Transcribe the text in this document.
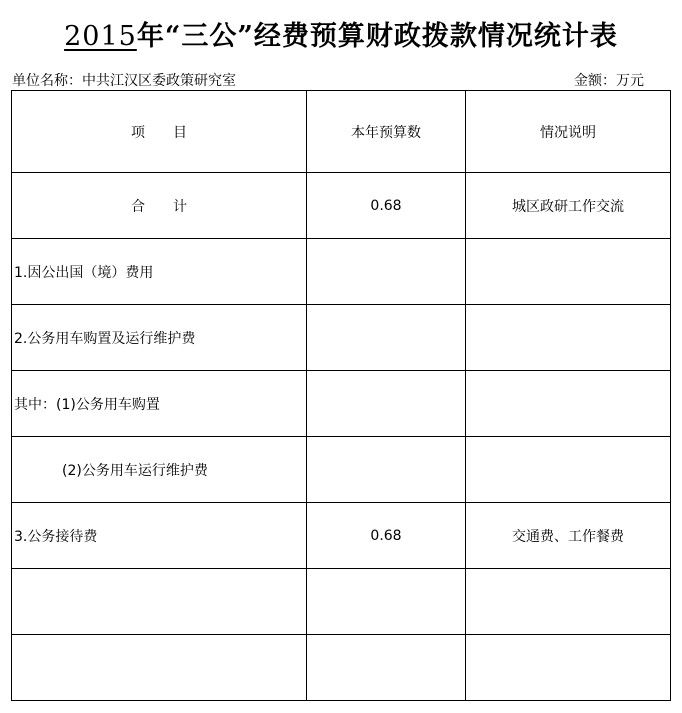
2015年“三公”经费预算财政拨款情况统计表
单位名称：中共江汉区委政策研究室	金额：万元
项　　目	本年预算数	情况说明
合　　计	0.68	城区政研工作交流
1.因公出国（境）费用		
2.公务用车购置及运行维护费		
其中：(1)公务用车购置		
(2)公务用车运行维护费		
3.公务接待费	0.68	交通费、工作餐费
